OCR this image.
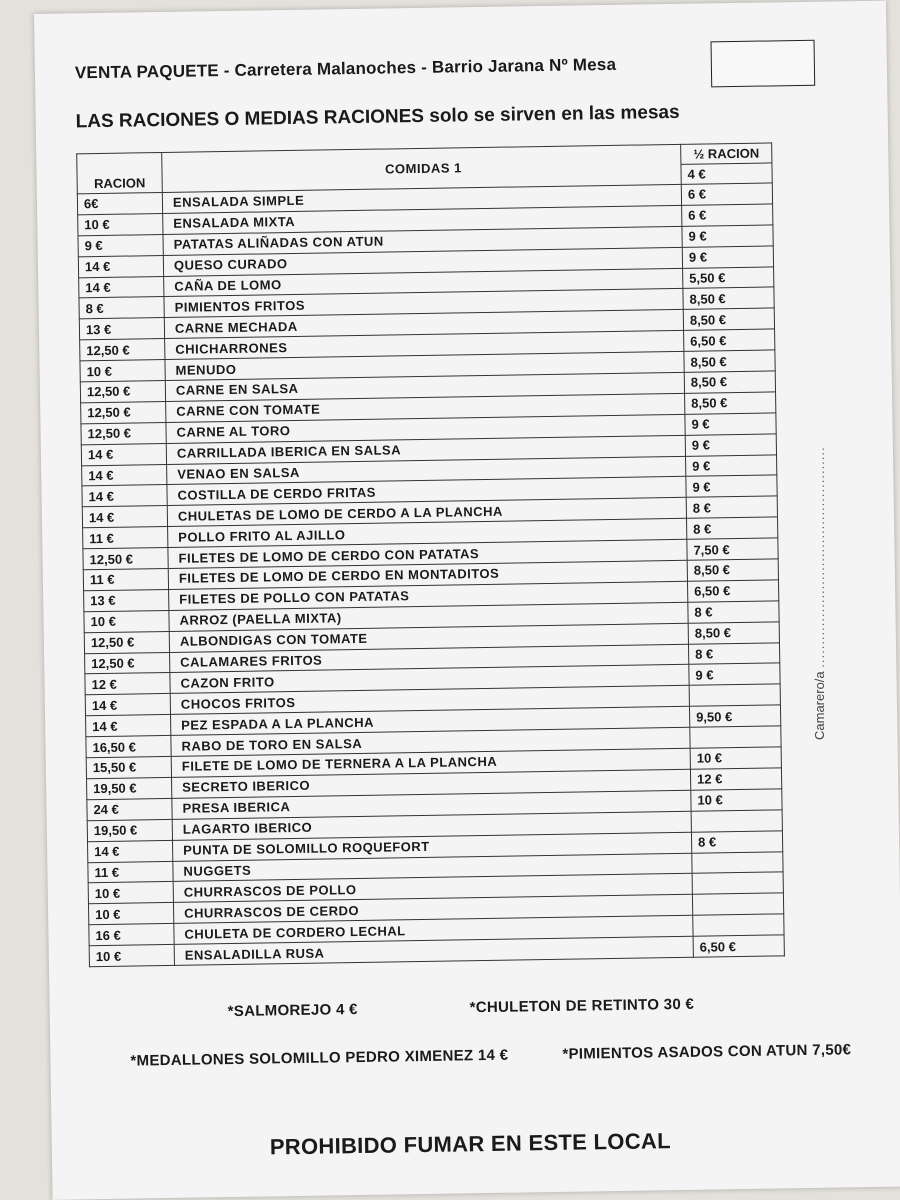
VENTA PAQUETE - Carretera Malanoches - Barrio Jarana Nº Mesa
LAS RACIONES O MEDIAS RACIONES solo se sirven en las mesas
RACION	COMIDAS 1	½ RACION
4 €

6€	ENSALADA SIMPLE	6 €
10 €	ENSALADA MIXTA	6 €
9 €	PATATAS ALIÑADAS CON ATUN	9 €
14 €	QUESO CURADO	9 €
14 €	CAÑA DE LOMO	5,50 €
8 €	PIMIENTOS FRITOS	8,50 €
13 €	CARNE MECHADA	8,50 €
12,50 €	CHICHARRONES	6,50 €
10 €	MENUDO	8,50 €
12,50 €	CARNE EN SALSA	8,50 €
12,50 €	CARNE CON TOMATE	8,50 €
12,50 €	CARNE AL TORO	9 €
14 €	CARRILLADA IBERICA EN SALSA	9 €
14 €	VENAO EN SALSA	9 €
14 €	COSTILLA DE CERDO FRITAS	9 €
14 €	CHULETAS DE LOMO DE CERDO A LA PLANCHA	8 €
11 €	POLLO FRITO AL AJILLO	8 €
12,50 €	FILETES DE LOMO DE CERDO CON PATATAS	7,50 €
11 €	FILETES DE LOMO DE CERDO EN MONTADITOS	8,50 €
13 €	FILETES DE POLLO CON PATATAS	6,50 €
10 €	ARROZ (PAELLA MIXTA)	8 €
12,50 €	ALBONDIGAS CON TOMATE	8,50 €
12,50 €	CALAMARES FRITOS	8 €
12 €	CAZON FRITO	9 €
14 €	CHOCOS FRITOS	
14 €	PEZ ESPADA A LA PLANCHA	9,50 €
16,50 €	RABO DE TORO EN SALSA	
15,50 €	FILETE DE LOMO DE TERNERA A LA PLANCHA	10 €
19,50 €	SECRETO IBERICO	12 €
24 €	PRESA IBERICA	10 €
19,50 €	LAGARTO IBERICO	
14 €	PUNTA DE SOLOMILLO ROQUEFORT	8 €
11 €	NUGGETS	
10 €	CHURRASCOS DE POLLO	
10 €	CHURRASCOS DE CERDO	
16 €	CHULETA DE CORDERO LECHAL	
10 €	ENSALADILLA RUSA	6,50 €
*SALMOREJO 4 €	*CHULETON DE RETINTO 30 €
*MEDALLONES SOLOMILLO PEDRO XIMENEZ 14 €	*PIMIENTOS ASADOS CON ATUN 7,50€
PROHIBIDO FUMAR EN ESTE LOCAL
Camarero/a ................................................
